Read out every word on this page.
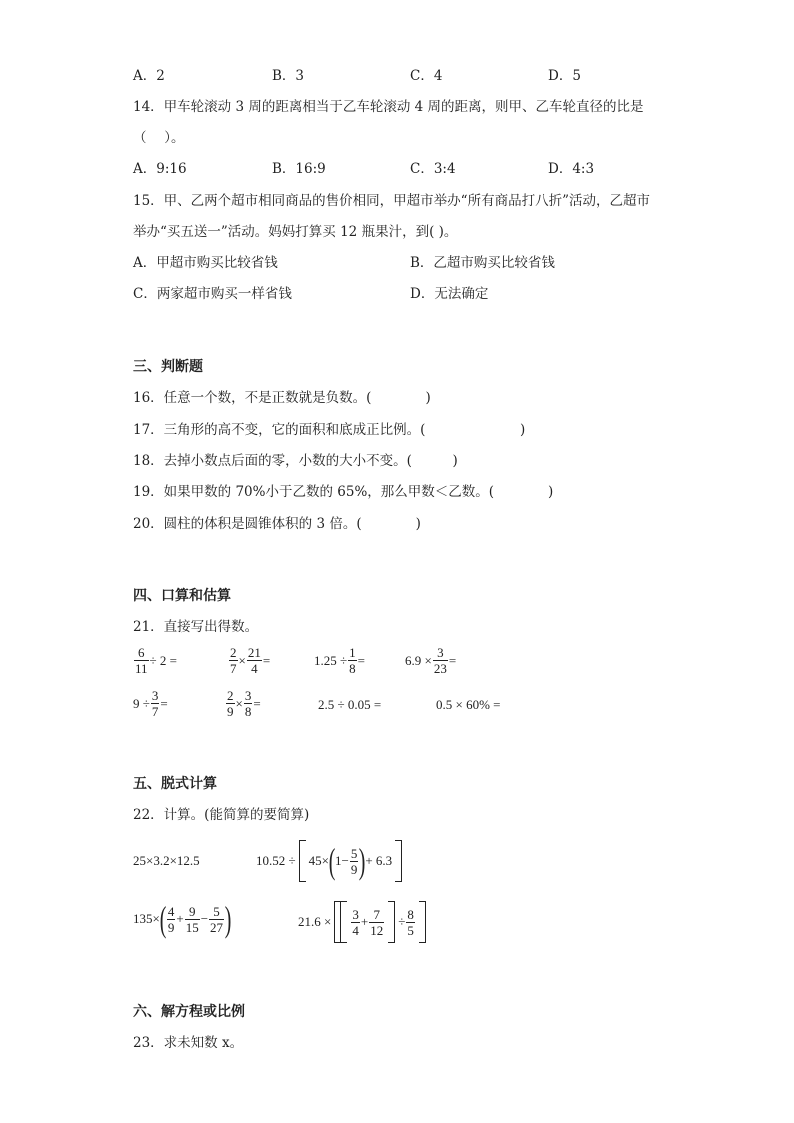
A．2	B．3	C．4	D．5
14．甲车轮滚动 3 周的距离相当于乙车轮滚动 4 周的距离，则甲、乙车轮直径的比是
（　 ）。
A．9:16	B．16:9	C．3:4	D．4:3
15．甲、乙两个超市相同商品的售价相同，甲超市举办“所有商品打八折”活动，乙超市
举办“买五送一”活动。妈妈打算买 12 瓶果汁，到( )。
A．甲超市购买比较省钱	B．乙超市购买比较省钱
C．两家超市购买一样省钱	D．无法确定
三、判断题
16．任意一个数，不是正数就是负数。(　　　　)
17．三角形的高不变，它的面积和底成正比例。(　　　　　　　)
18．去掉小数点后面的零，小数的大小不变。(　　　)
19．如果甲数的 70%小于乙数的 65%，那么甲数＜乙数。(　　　　)
20．圆柱的体积是圆锥体积的 3 倍。(　　　　)
四、口算和估算
21．直接写出得数。
$\frac{6}{11} \div 2$ =	$\frac{2}{7} \times \frac{21}{4}$ =	$1.25 \div \frac{1}{8}$ =	$6.9 \times \frac{3}{23}$ =
$9 \div \frac{3}{7}$ =	$\frac{2}{9} \times \frac{3}{8}$ =	2.5 ÷ 0.05 =	0.5 × 60% =
五、脱式计算
22．计算。(能简算的要简算)
25×3.2×12.5	$10.52 \div 45\times(1- \frac{5}{9}$ )+ 6.3
$135\times( \frac{4}{9} + \frac{9}{15} - \frac{5}{27}$ )	$21.6 \times \frac{3}{4} + \frac{7}{12} \div \frac{8}{5}$
六、解方程或比例
23．求未知数 x。
